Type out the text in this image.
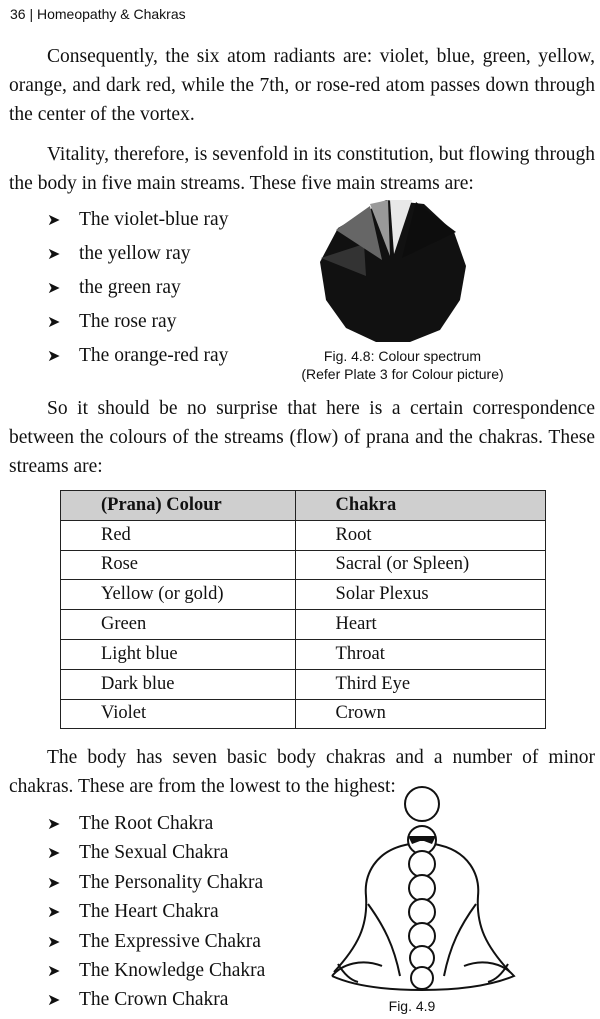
36 | Homeopathy & Chakras

Consequently, the six atom radiants are: violet, blue, green, yellow, orange, and dark red, while the 7th, or rose-red atom passes down through the center of the vortex.

Vitality, therefore, is sevenfold in its constitution, but flowing through the body in five main streams. These five main streams are:

➤ The violet-blue ray
➤ the yellow ray
➤ the green ray
➤ The rose ray
➤ The orange-red ray	Fig. 4.8: Colour spectrum
(Refer Plate 3 for Colour picture)

So it should be no surprise that here is a certain correspondence between the colours of the streams (flow) of prana and the chakras. These streams are:

(Prana) Colour	Chakra
Red	Root
Rose	Sacral (or Spleen)
Yellow (or gold)	Solar Plexus
Green	Heart
Light blue	Throat
Dark blue	Third Eye
Violet	Crown

The body has seven basic body chakras and a number of minor chakras. These are from the lowest to the highest:

➤ The Root Chakra
➤ The Sexual Chakra
➤ The Personality Chakra
➤ The Heart Chakra
➤ The Expressive Chakra
➤ The Knowledge Chakra
➤ The Crown Chakra	Fig. 4.9
